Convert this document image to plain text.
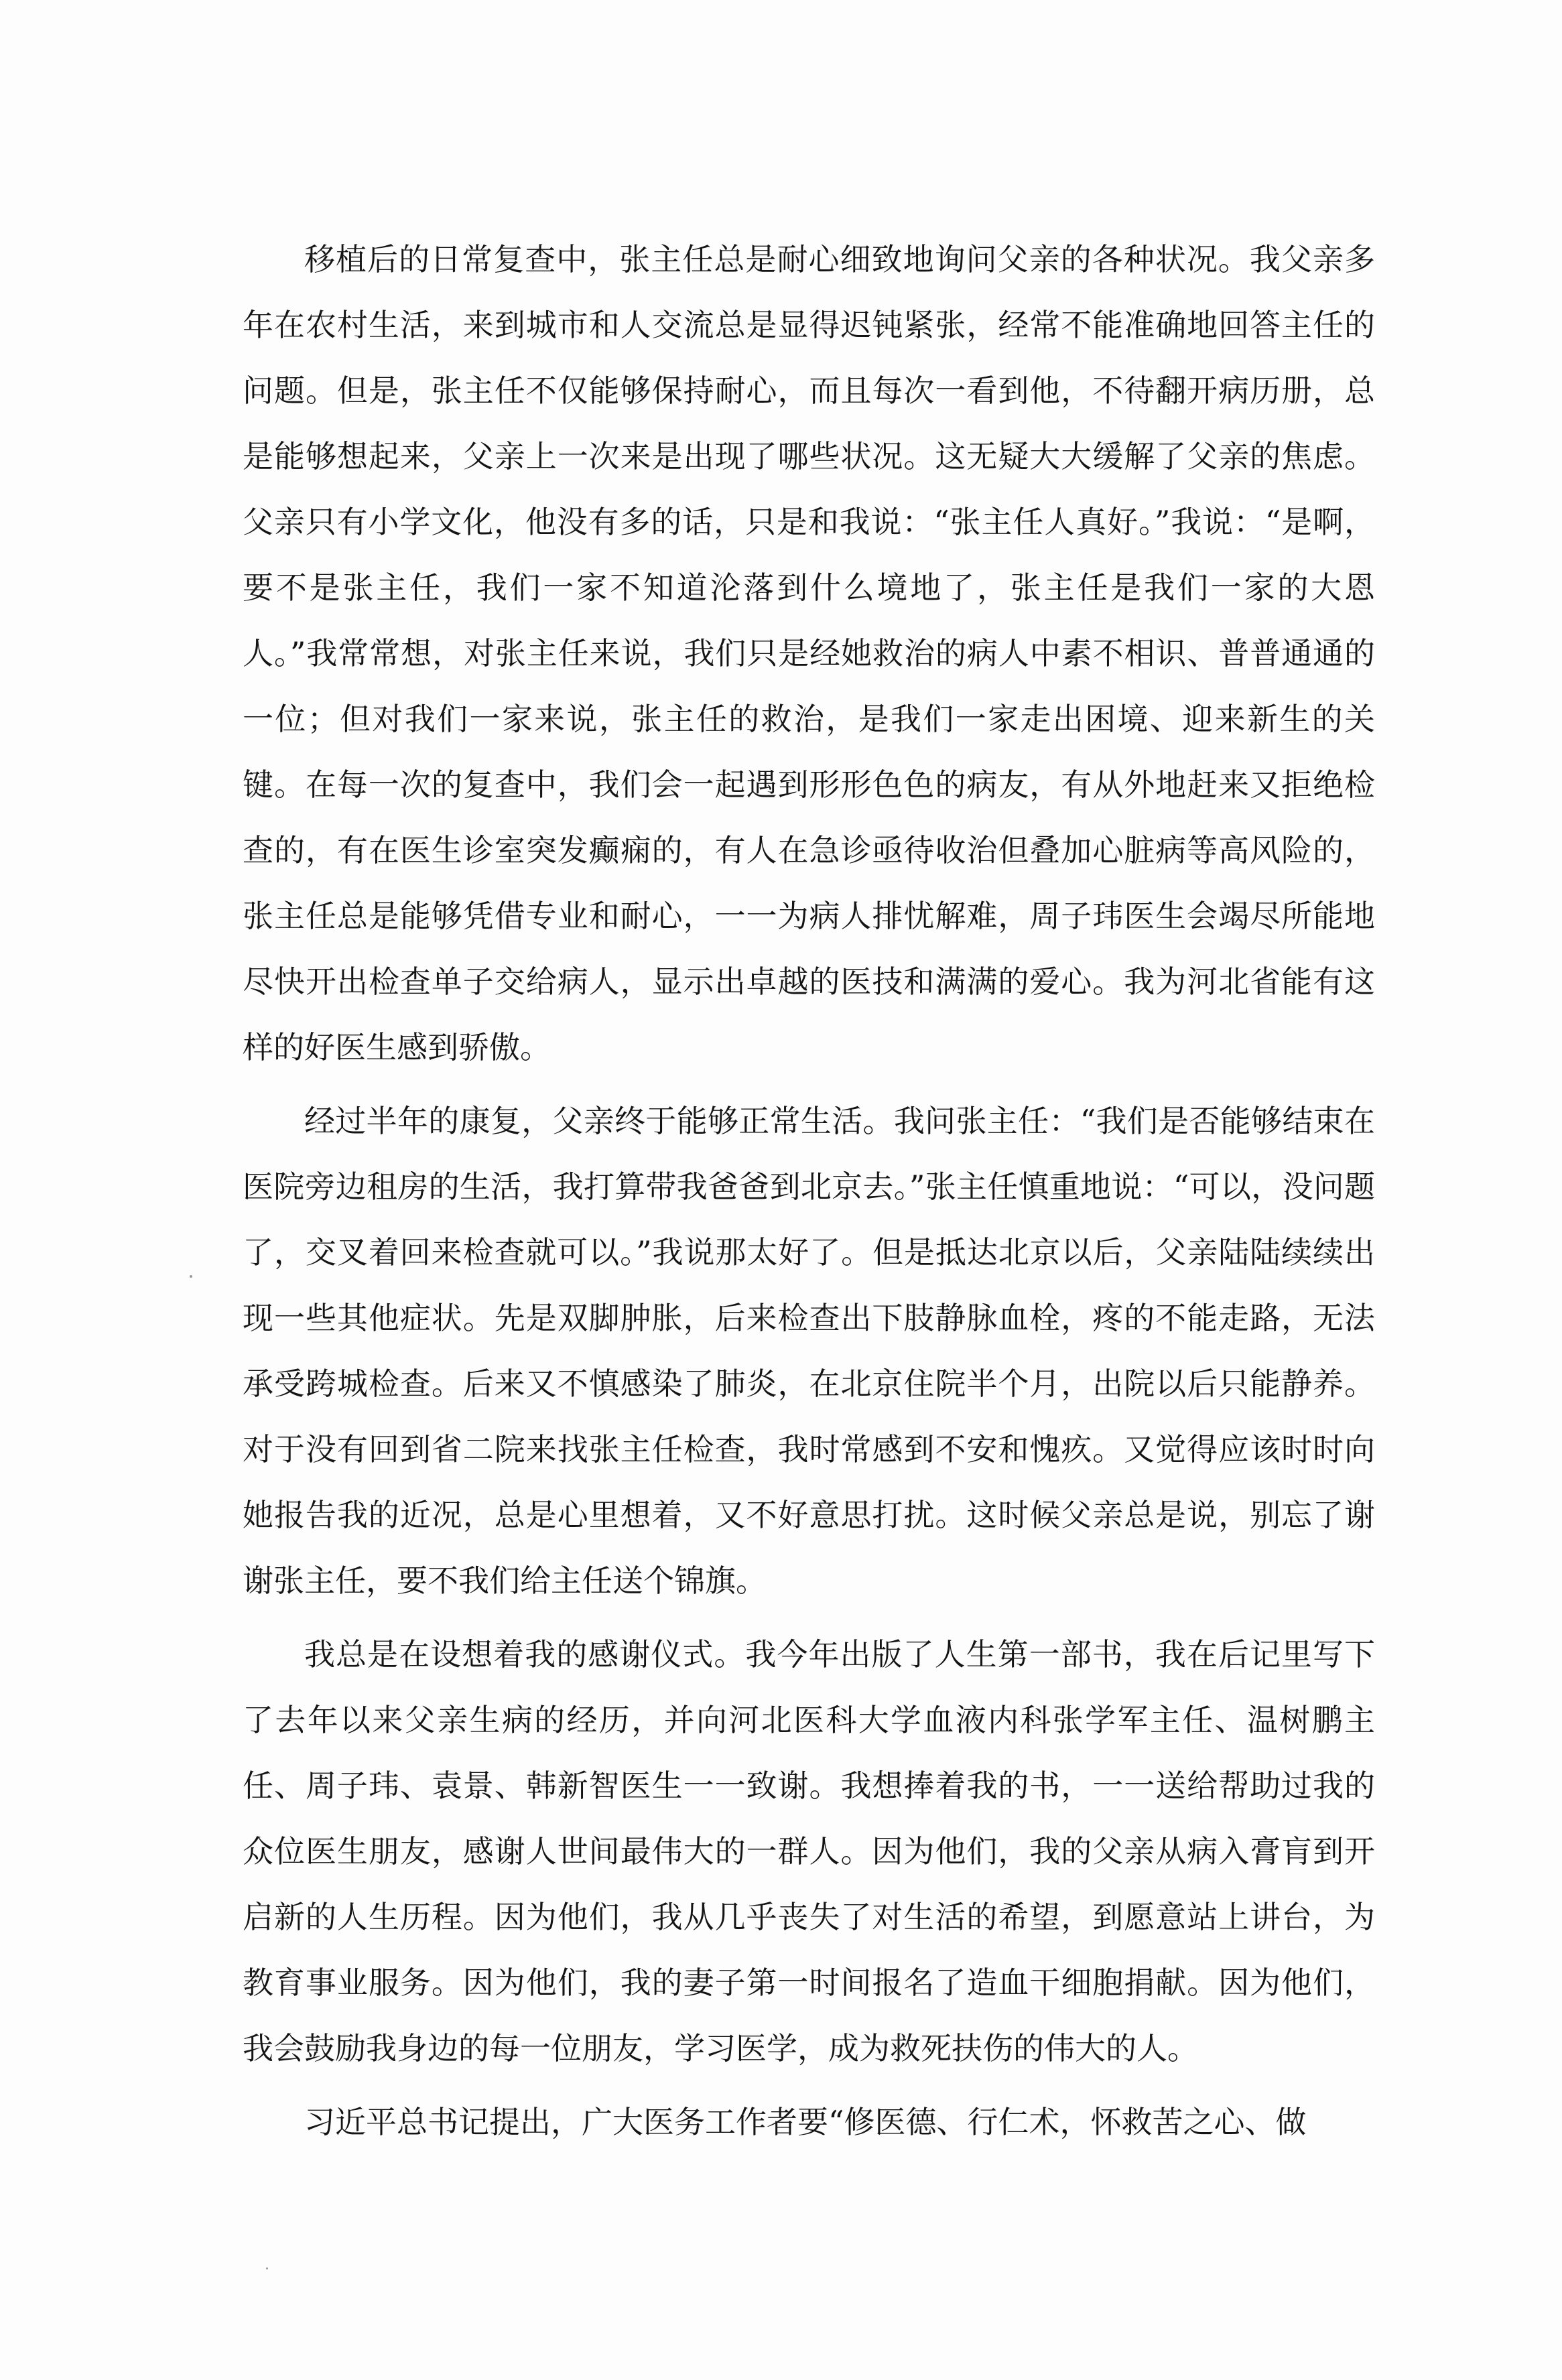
移植后的日常复查中，张主任总是耐心细致地询问父亲的各种状况。我父亲多年在农村生活，来到城市和人交流总是显得迟钝紧张，经常不能准确地回答主任的问题。但是，张主任不仅能够保持耐心，而且每次一看到他，不待翻开病历册，总是能够想起来，父亲上一次来是出现了哪些状况。这无疑大大缓解了父亲的焦虑。父亲只有小学文化，他没有多的话，只是和我说：“张主任人真好。”我说：“是啊，要不是张主任，我们一家不知道沦落到什么境地了，张主任是我们一家的大恩人。”我常常想，对张主任来说，我们只是经她救治的病人中素不相识、普普通通的一位；但对我们一家来说，张主任的救治，是我们一家走出困境、迎来新生的关键。在每一次的复查中，我们会一起遇到形形色色的病友，有从外地赶来又拒绝检查的，有在医生诊室突发癫痫的，有人在急诊亟待收治但叠加心脏病等高风险的，张主任总是能够凭借专业和耐心，一一为病人排忧解难，周子玮医生会竭尽所能地尽快开出检查单子交给病人，显示出卓越的医技和满满的爱心。我为河北省能有这样的好医生感到骄傲。

经过半年的康复，父亲终于能够正常生活。我问张主任：“我们是否能够结束在医院旁边租房的生活，我打算带我爸爸到北京去。”张主任慎重地说：“可以，没问题了，交叉着回来检查就可以。”我说那太好了。但是抵达北京以后，父亲陆陆续续出现一些其他症状。先是双脚肿胀，后来检查出下肢静脉血栓，疼的不能走路，无法承受跨城检查。后来又不慎感染了肺炎，在北京住院半个月，出院以后只能静养。对于没有回到省二院来找张主任检查，我时常感到不安和愧疚。又觉得应该时时向她报告我的近况，总是心里想着，又不好意思打扰。这时候父亲总是说，别忘了谢谢张主任，要不我们给主任送个锦旗。

我总是在设想着我的感谢仪式。我今年出版了人生第一部书，我在后记里写下了去年以来父亲生病的经历，并向河北医科大学血液内科张学军主任、温树鹏主任、周子玮、袁景、韩新智医生一一致谢。我想捧着我的书，一一送给帮助过我的众位医生朋友，感谢人世间最伟大的一群人。因为他们，我的父亲从病入膏肓到开启新的人生历程。因为他们，我从几乎丧失了对生活的希望，到愿意站上讲台，为教育事业服务。因为他们，我的妻子第一时间报名了造血干细胞捐献。因为他们，我会鼓励我身边的每一位朋友，学习医学，成为救死扶伤的伟大的人。

习近平总书记提出，广大医务工作者要“修医德、行仁术，怀救苦之心、做
